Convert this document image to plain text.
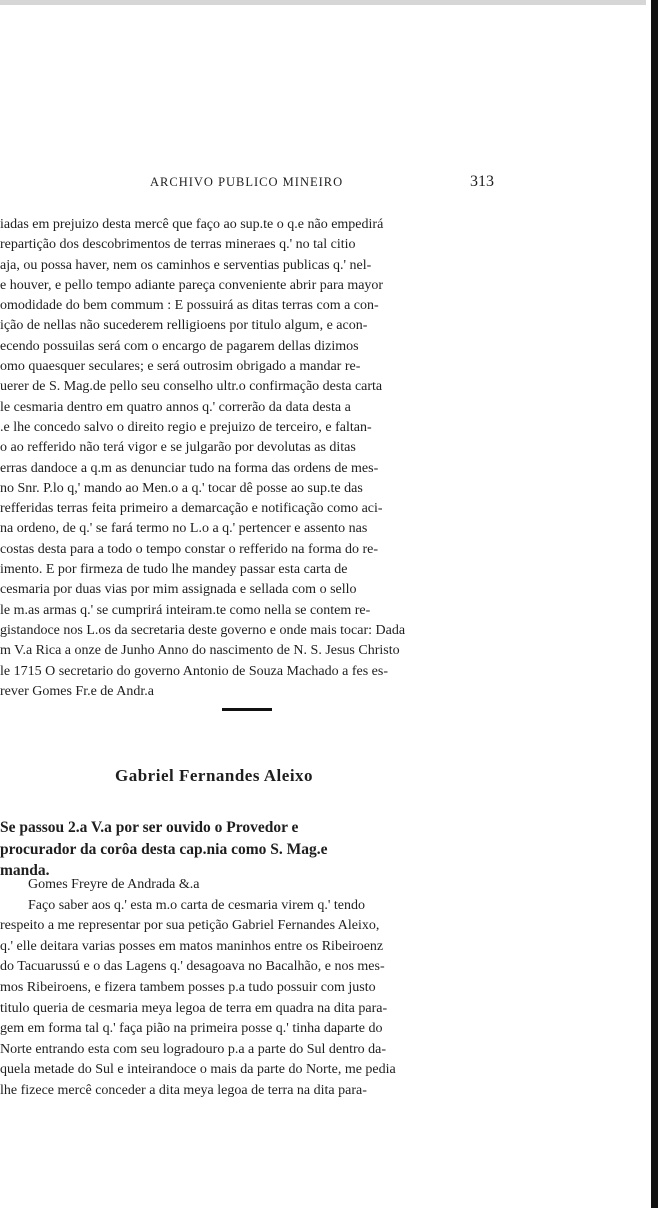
ARCHIVO PUBLICO MINEIRO	313
iadas em prejuizo desta mercê que faço ao sup.te o q.e não empedirá
repartição dos descobrimentos de terras mineraes q.' no tal citio
aja, ou possa haver, nem os caminhos e serventias publicas q.' nel-
e houver, e pello tempo adiante pareça conveniente abrir para mayor
omodidade do bem commum : E possuirá as ditas terras com a con-
ição de nellas não sucederem relligioens por titulo algum, e acon-
ecendo possuilas será com o encargo de pagarem dellas dizimos
omo quaesquer seculares; e será outrosim obrigado a mandar re-
uerer de S. Mag.de pello seu conselho ultr.o confirmação desta carta
le cesmaria dentro em quatro annos q.' correrão da data desta a
.e lhe concedo salvo o direito regio e prejuizo de terceiro, e faltan-
o ao refferido não terá vigor e se julgarão por devolutas as ditas
erras dandoce a q.m as denunciar tudo na forma das ordens de mes-
no Snr. P.lo q,' mando ao Men.o a q.' tocar dê posse ao sup.te das
refferidas terras feita primeiro a demarcação e notificação como aci-
na ordeno, de q.' se fará termo no L.o a q.' pertencer e assento nas
costas desta para a todo o tempo constar o refferido na forma do re-
imento. E por firmeza de tudo lhe mandey passar esta carta de
cesmaria por duas vias por mim assignada e sellada com o sello
le m.as armas q.' se cumprirá inteiram.te como nella se contem re-
gistandoce nos L.os da secretaria deste governo e onde mais tocar: Dada
m V.a Rica a onze de Junho Anno do nascimento de N. S. Jesus Christo
le 1715 O secretario do governo Antonio de Souza Machado a fes es-
rever Gomes Fr.e de Andr.a
Gabriel Fernandes Aleixo
Se passou 2.a V.a por ser ouvido o Provedor e
procurador da corôa desta cap.nia como S. Mag.e
manda.
Gomes Freyre de Andrada &.a
Faço saber aos q.' esta m.o carta de cesmaria virem q.' tendo
respeito a me representar por sua petição Gabriel Fernandes Aleixo,
q.' elle deitara varias posses em matos maninhos entre os Ribeiroenz
do Tacuarussú e o das Lagens q.' desagoava no Bacalhão, e nos mes-
mos Ribeiroens, e fizera tambem posses p.a tudo possuir com justo
titulo queria de cesmaria meya legoa de terra em quadra na dita para-
gem em forma tal q.' faça pião na primeira posse q.' tinha daparte do
Norte entrando esta com seu logradouro p.a a parte do Sul dentro da-
quela metade do Sul e inteirandoce o mais da parte do Norte, me pedia
lhe fizece mercê conceder a dita meya legoa de terra na dita para-
